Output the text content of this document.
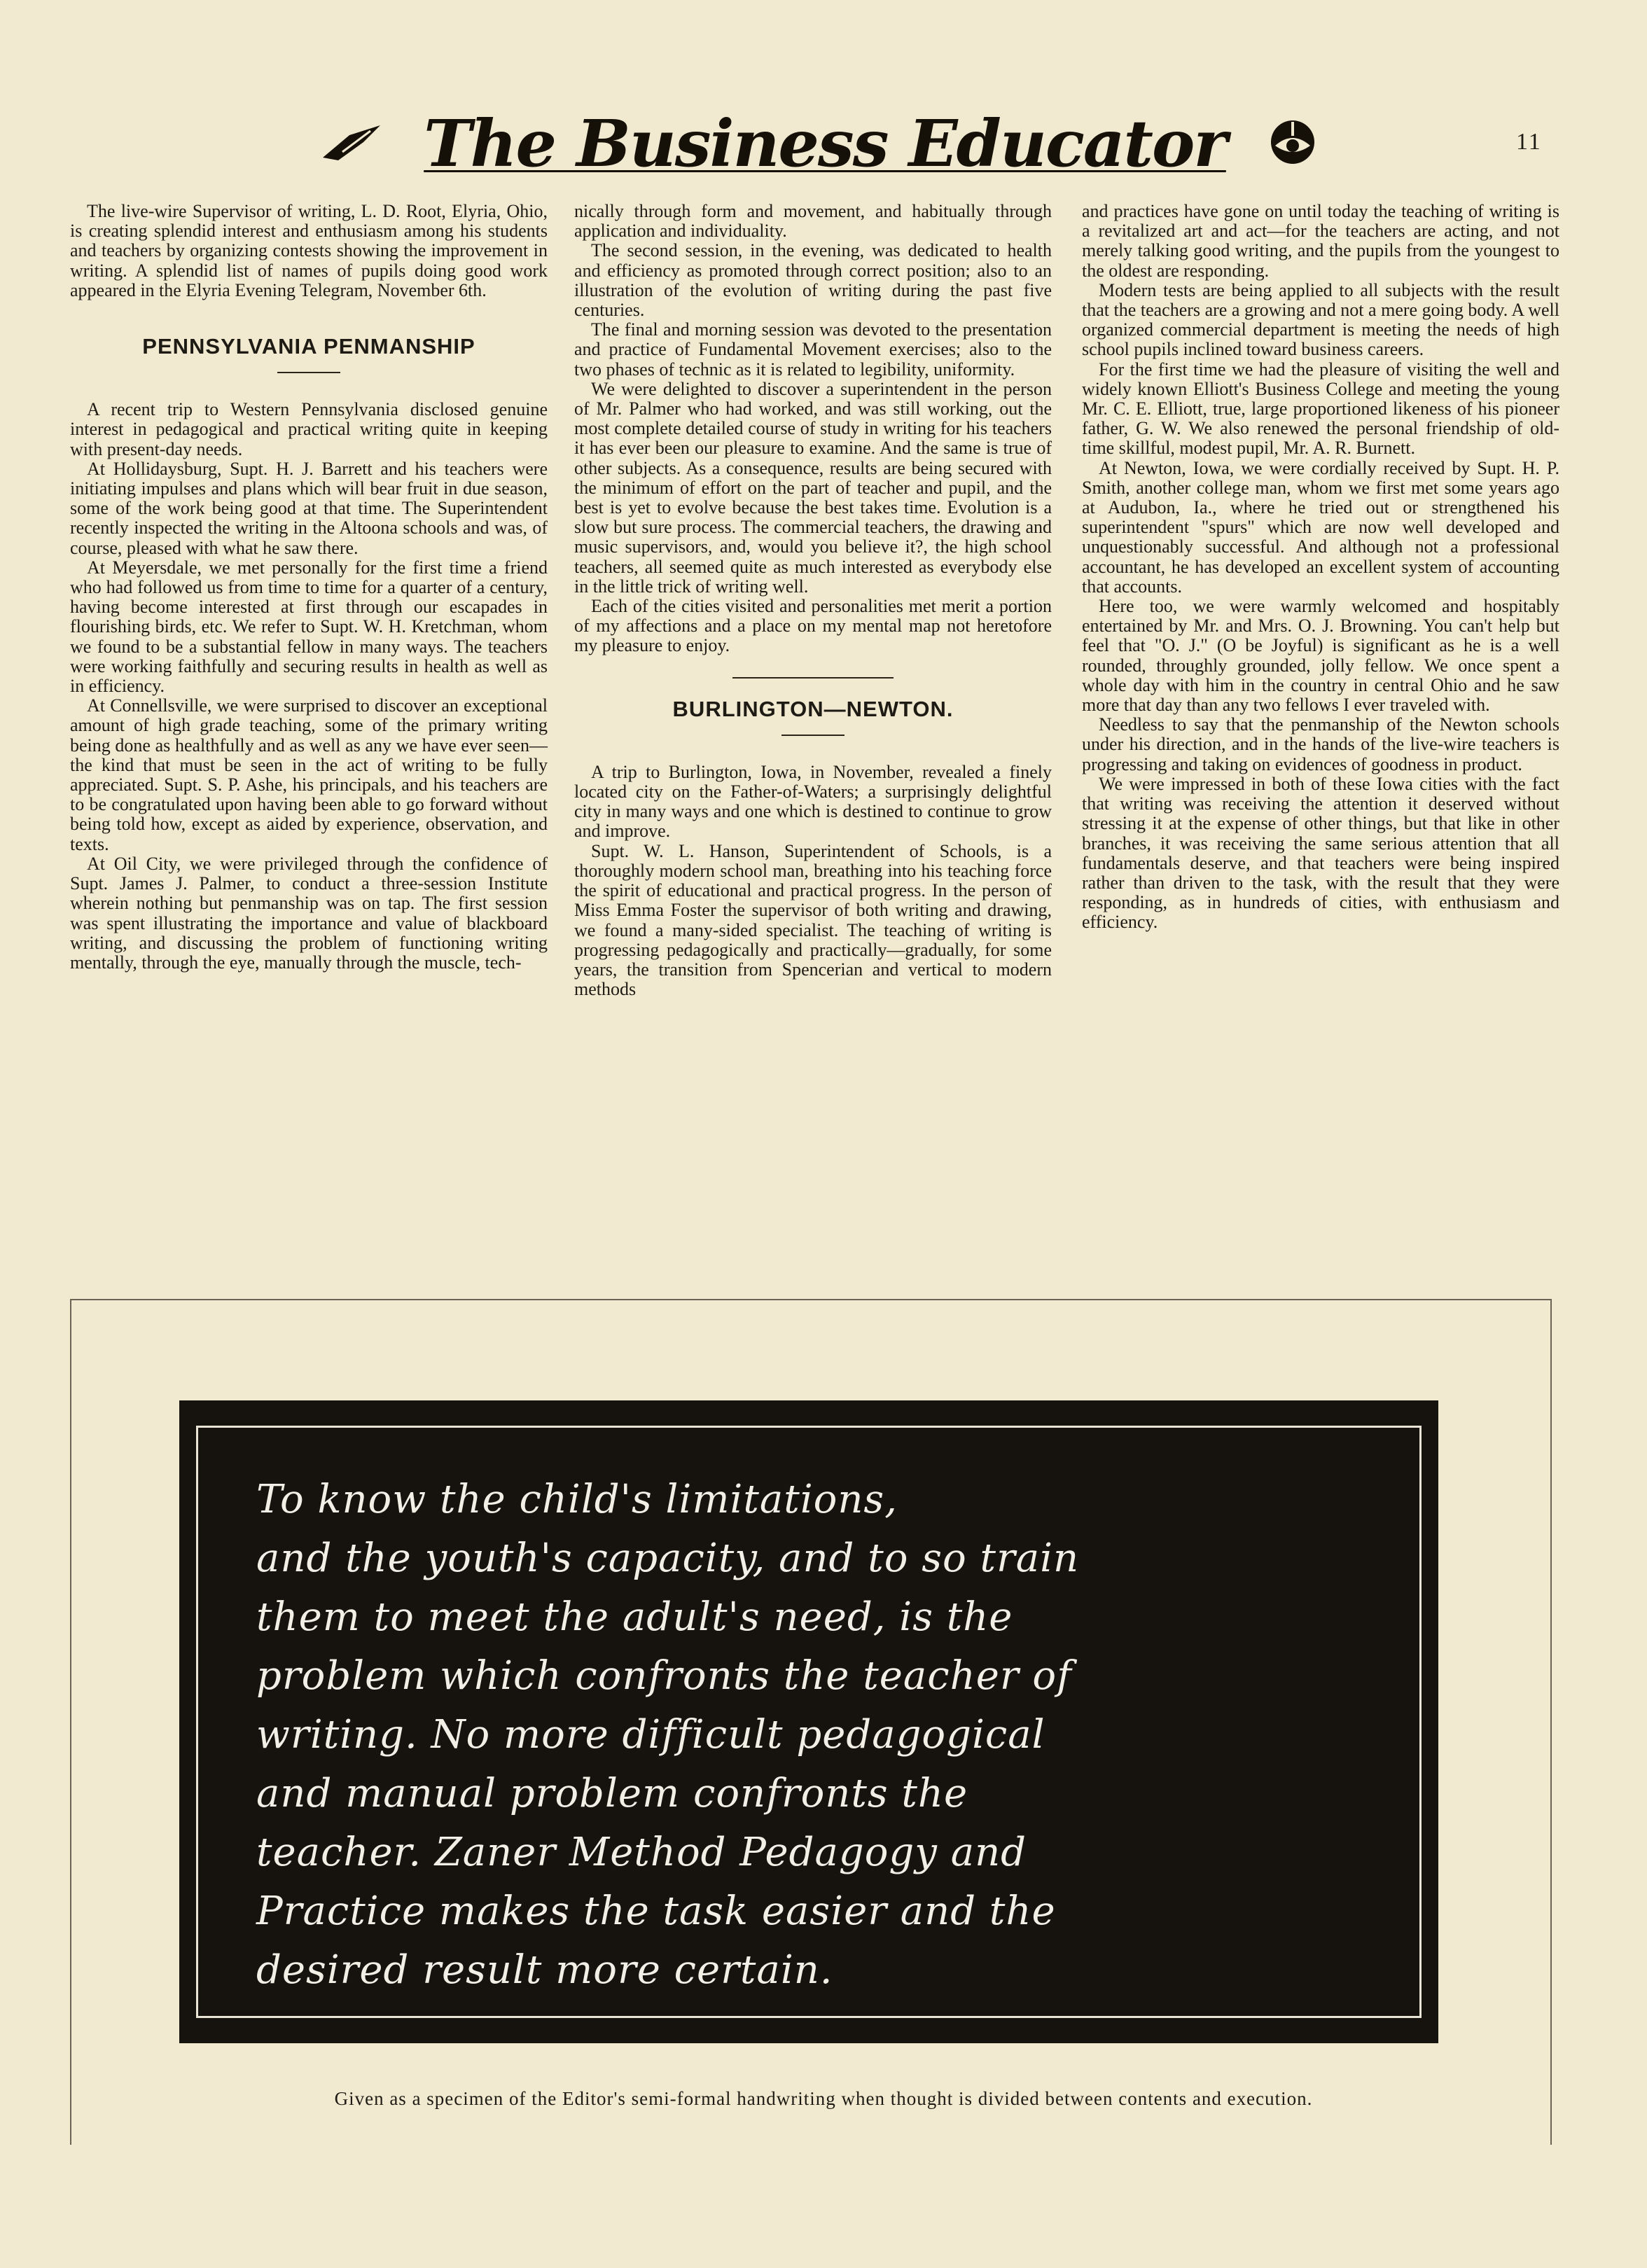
The Business Educator	11

The live-wire Supervisor of writing, L. D. Root, Elyria, Ohio, is creating splendid interest and enthusiasm among his students and teachers by organizing contests showing the improvement in writing. A splendid list of names of pupils doing good work appeared in the Elyria Evening Telegram, November 6th.

PENNSYLVANIA PENMANSHIP

A recent trip to Western Pennsylvania disclosed genuine interest in pedagogical and practical writing quite in keeping with present-day needs.

At Hollidaysburg, Supt. H. J. Barrett and his teachers were initiating impulses and plans which will bear fruit in due season, some of the work being good at that time. The Superintendent recently inspected the writing in the Altoona schools and was, of course, pleased with what he saw there.

At Meyersdale, we met personally for the first time a friend who had followed us from time to time for a quarter of a century, having become interested at first through our escapades in flourishing birds, etc. We refer to Supt. W. H. Kretchman, whom we found to be a substantial fellow in many ways. The teachers were working faithfully and securing results in health as well as in efficiency.

At Connellsville, we were surprised to discover an exceptional amount of high grade teaching, some of the primary writing being done as healthfully and as well as any we have ever seen—the kind that must be seen in the act of writing to be fully appreciated. Supt. S. P. Ashe, his principals, and his teachers are to be congratulated upon having been able to go forward without being told how, except as aided by experience, observation, and texts.

At Oil City, we were privileged through the confidence of Supt. James J. Palmer, to conduct a three-session Institute wherein nothing but penmanship was on tap. The first session was spent illustrating the importance and value of blackboard writing, and discussing the problem of functioning writing mentally, through the eye, manually through the muscle, tech-

nically through form and movement, and habitually through application and individuality.

The second session, in the evening, was dedicated to health and efficiency as promoted through correct position; also to an illustration of the evolution of writing during the past five centuries.

The final and morning session was devoted to the presentation and practice of Fundamental Movement exercises; also to the two phases of technic as it is related to legibility, uniformity.

We were delighted to discover a superintendent in the person of Mr. Palmer who had worked, and was still working, out the most complete detailed course of study in writing for his teachers it has ever been our pleasure to examine. And the same is true of other subjects. As a consequence, results are being secured with the minimum of effort on the part of teacher and pupil, and the best is yet to evolve because the best takes time. Evolution is a slow but sure process. The commercial teachers, the drawing and music supervisors, and, would you believe it?, the high school teachers, all seemed quite as much interested as everybody else in the little trick of writing well.

Each of the cities visited and personalities met merit a portion of my affections and a place on my mental map not heretofore my pleasure to enjoy.

BURLINGTON—NEWTON.

A trip to Burlington, Iowa, in November, revealed a finely located city on the Father-of-Waters; a surprisingly delightful city in many ways and one which is destined to continue to grow and improve.

Supt. W. L. Hanson, Superintendent of Schools, is a thoroughly modern school man, breathing into his teaching force the spirit of educational and practical progress. In the person of Miss Emma Foster the supervisor of both writing and drawing, we found a many-sided specialist. The teaching of writing is progressing pedagogically and practically—gradually, for some years, the transition from Spencerian and vertical to modern methods

and practices have gone on until today the teaching of writing is a revitalized art and act—for the teachers are acting, and not merely talking good writing, and the pupils from the youngest to the oldest are responding.

Modern tests are being applied to all subjects with the result that the teachers are a growing and not a mere going body. A well organized commercial department is meeting the needs of high school pupils inclined toward business careers.

For the first time we had the pleasure of visiting the well and widely known Elliott's Business College and meeting the young Mr. C. E. Elliott, true, large proportioned likeness of his pioneer father, G. W. We also renewed the personal friendship of old-time skillful, modest pupil, Mr. A. R. Burnett.

At Newton, Iowa, we were cordially received by Supt. H. P. Smith, another college man, whom we first met some years ago at Audubon, Ia., where he tried out or strengthened his superintendent "spurs" which are now well developed and unquestionably successful. And although not a professional accountant, he has developed an excellent system of accounting that accounts.

Here too, we were warmly welcomed and hospitably entertained by Mr. and Mrs. O. J. Browning. You can't help but feel that "O. J." (O be Joyful) is significant as he is a well rounded, throughly grounded, jolly fellow. We once spent a whole day with him in the country in central Ohio and he saw more that day than any two fellows I ever traveled with.

Needless to say that the penmanship of the Newton schools under his direction, and in the hands of the live-wire teachers is progressing and taking on evidences of goodness in product.

We were impressed in both of these Iowa cities with the fact that writing was receiving the attention it deserved without stressing it at the expense of other things, but that like in other branches, it was receiving the same serious attention that all fundamentals deserve, and that teachers were being inspired rather than driven to the task, with the result that they were responding, as in hundreds of cities, with enthusiasm and efficiency.

To know the child's limitations,
and the youth's capacity, and to so train
them to meet the adult's need, is the
problem which confronts the teacher of
writing. No more difficult pedagogical
and manual problem confronts the
teacher. Zaner Method Pedagogy and
Practice makes the task easier and the
desired result more certain.
Given as a specimen of the Editor's semi-formal handwriting when thought is divided between contents and execution.
